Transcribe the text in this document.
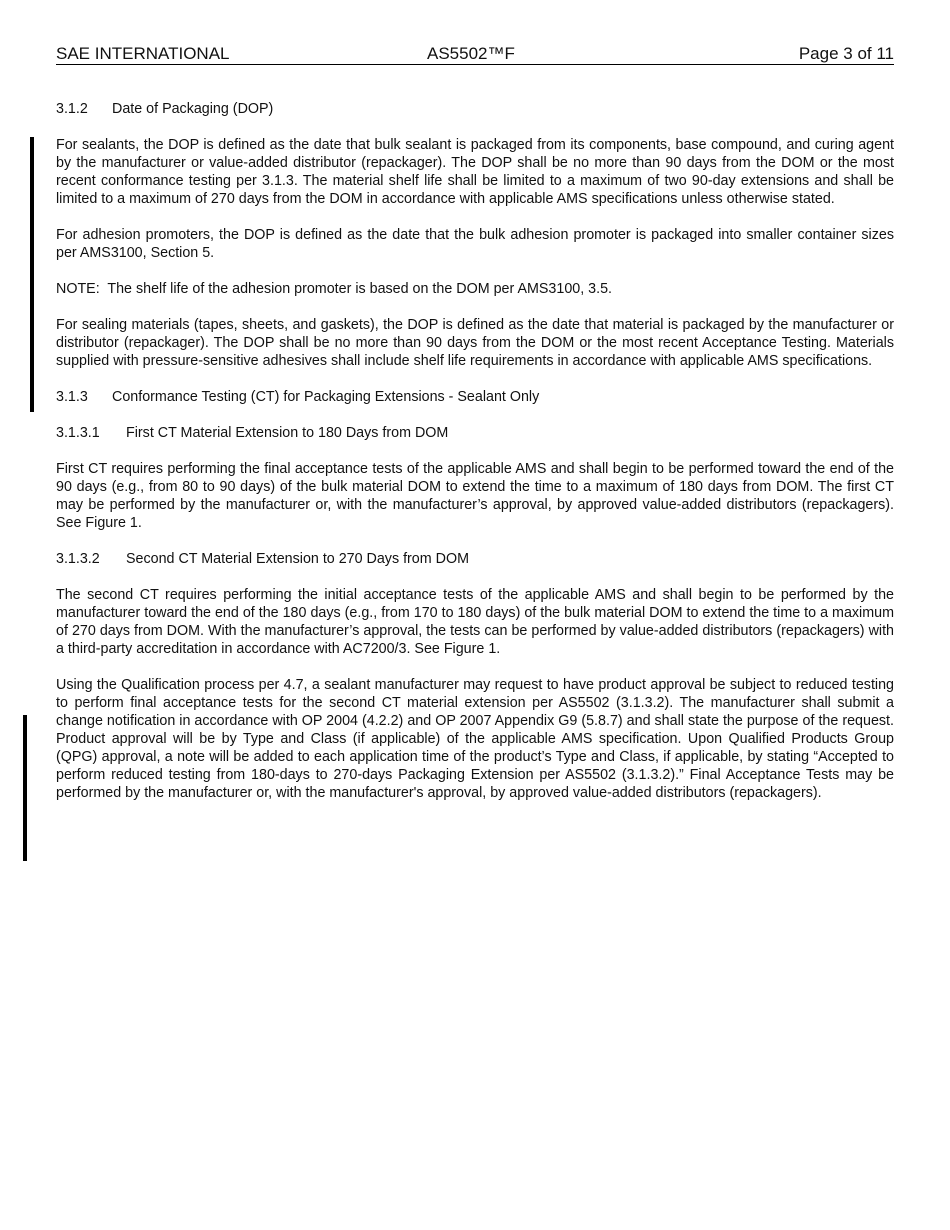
SAE INTERNATIONAL	AS5502™F	Page 3 of 11
3.1.2 Date of Packaging (DOP)

For sealants, the DOP is defined as the date that bulk sealant is packaged from its components, base compound, and curing agent by the manufacturer or value-added distributor (repackager). The DOP shall be no more than 90 days from the DOM or the most recent conformance testing per 3.1.3. The material shelf life shall be limited to a maximum of two 90-day extensions and shall be limited to a maximum of 270 days from the DOM in accordance with applicable AMS specifications unless otherwise stated.

For adhesion promoters, the DOP is defined as the date that the bulk adhesion promoter is packaged into smaller container sizes per AMS3100, Section 5.

NOTE:  The shelf life of the adhesion promoter is based on the DOM per AMS3100, 3.5.

For sealing materials (tapes, sheets, and gaskets), the DOP is defined as the date that material is packaged by the manufacturer or distributor (repackager). The DOP shall be no more than 90 days from the DOM or the most recent Acceptance Testing. Materials supplied with pressure-sensitive adhesives shall include shelf life requirements in accordance with applicable AMS specifications.

3.1.3 Conformance Testing (CT) for Packaging Extensions - Sealant Only
3.1.3.1 First CT Material Extension to 180 Days from DOM

First CT requires performing the final acceptance tests of the applicable AMS and shall begin to be performed toward the end of the 90 days (e.g., from 80 to 90 days) of the bulk material DOM to extend the time to a maximum of 180 days from DOM. The first CT may be performed by the manufacturer or, with the manufacturer’s approval, by approved value-added distributors (repackagers). See Figure 1.

3.1.3.2 Second CT Material Extension to 270 Days from DOM

The second CT requires performing the initial acceptance tests of the applicable AMS and shall begin to be performed by the manufacturer toward the end of the 180 days (e.g., from 170 to 180 days) of the bulk material DOM to extend the time to a maximum of 270 days from DOM. With the manufacturer’s approval, the tests can be performed by value-added distributors (repackagers) with a third-party accreditation in accordance with AC7200/3. See Figure 1.

Using the Qualification process per 4.7, a sealant manufacturer may request to have product approval be subject to reduced testing to perform final acceptance tests for the second CT material extension per AS5502 (3.1.3.2). The manufacturer shall submit a change notification in accordance with OP 2004 (4.2.2) and OP 2007 Appendix G9 (5.8.7) and shall state the purpose of the request. Product approval will be by Type and Class (if applicable) of the applicable AMS specification. Upon Qualified Products Group (QPG) approval, a note will be added to each application time of the product’s Type and Class, if applicable, by stating “Accepted to perform reduced testing from 180-days to 270-days Packaging Extension per AS5502 (3.1.3.2).” Final Acceptance Tests may be performed by the manufacturer or, with the manufacturer's approval, by approved value-added distributors (repackagers).
